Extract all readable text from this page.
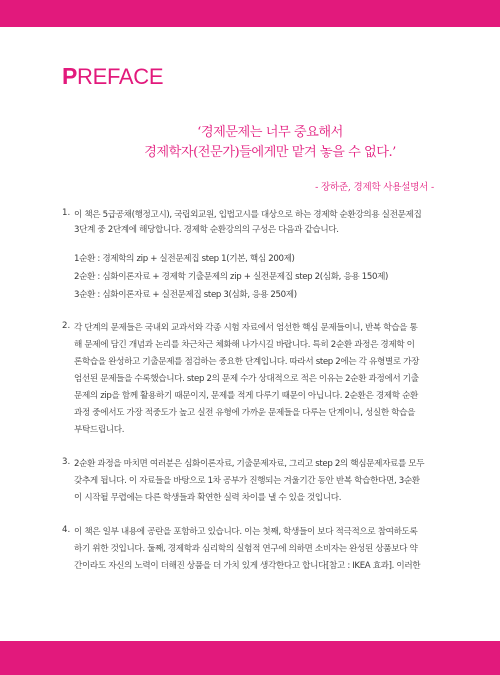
PREFACE
‘경제문제는 너무 중요해서
경제학자(전문가)들에게만 맡겨 놓을 수 없다.’
- 장하준, 경제학 사용설명서 -
1. 이 책은 5급공채(행정고시), 국립외교원, 입법고시를 대상으로 하는 경제학 순환강의용 실전문제집
3단계 중 2단계에 해당합니다. 경제학 순환강의의 구성은 다음과 같습니다.
1순환 : 경제학의 zip + 실전문제집 step 1(기본, 핵심 200제)
2순환 : 심화이론자료 + 경제학 기출문제의 zip + 실전문제집 step 2(심화, 응용 150제)
3순환 : 심화이론자료 + 실전문제집 step 3(심화, 응용 250제)
2. 각 단계의 문제들은 국내외 교과서와 각종 시험 자료에서 엄선한 핵심 문제들이니, 반복 학습을 통
해 문제에 담긴 개념과 논리를 차근차근 체화해 나가시길 바랍니다. 특히 2순환 과정은 경제학 이
론학습을 완성하고 기출문제를 점검하는 중요한 단계입니다. 따라서 step 2에는 각 유형별로 가장
엄선된 문제들을 수록했습니다. step 2의 문제 수가 상대적으로 적은 이유는 2순환 과정에서 기출
문제의 zip을 함께 활용하기 때문이지, 문제를 적게 다루기 때문이 아닙니다. 2순환은 경제학 순환
과정 중에서도 가장 적중도가 높고 실전 유형에 가까운 문제들을 다루는 단계이니, 성실한 학습을
부탁드립니다.
3. 2순환 과정을 마치면 여러분은 심화이론자료, 기출문제자료, 그리고 step 2의 핵심문제자료를 모두
갖추게 됩니다. 이 자료들을 바탕으로 1차 공부가 진행되는 겨울기간 동안 반복 학습한다면, 3순환
이 시작될 무렵에는 다른 학생들과 확연한 실력 차이를 낼 수 있을 것입니다.
4. 이 책은 일부 내용에 공란을 포함하고 있습니다. 이는 첫째, 학생들이 보다 적극적으로 참여하도록
하기 위한 것입니다. 둘째, 경제학과 심리학의 실험적 연구에 의하면 소비자는 완성된 상품보다 약
간이라도 자신의 노력이 더해진 상품을 더 가치 있게 생각한다고 합니다[참고 : IKEA 효과]. 이러한
